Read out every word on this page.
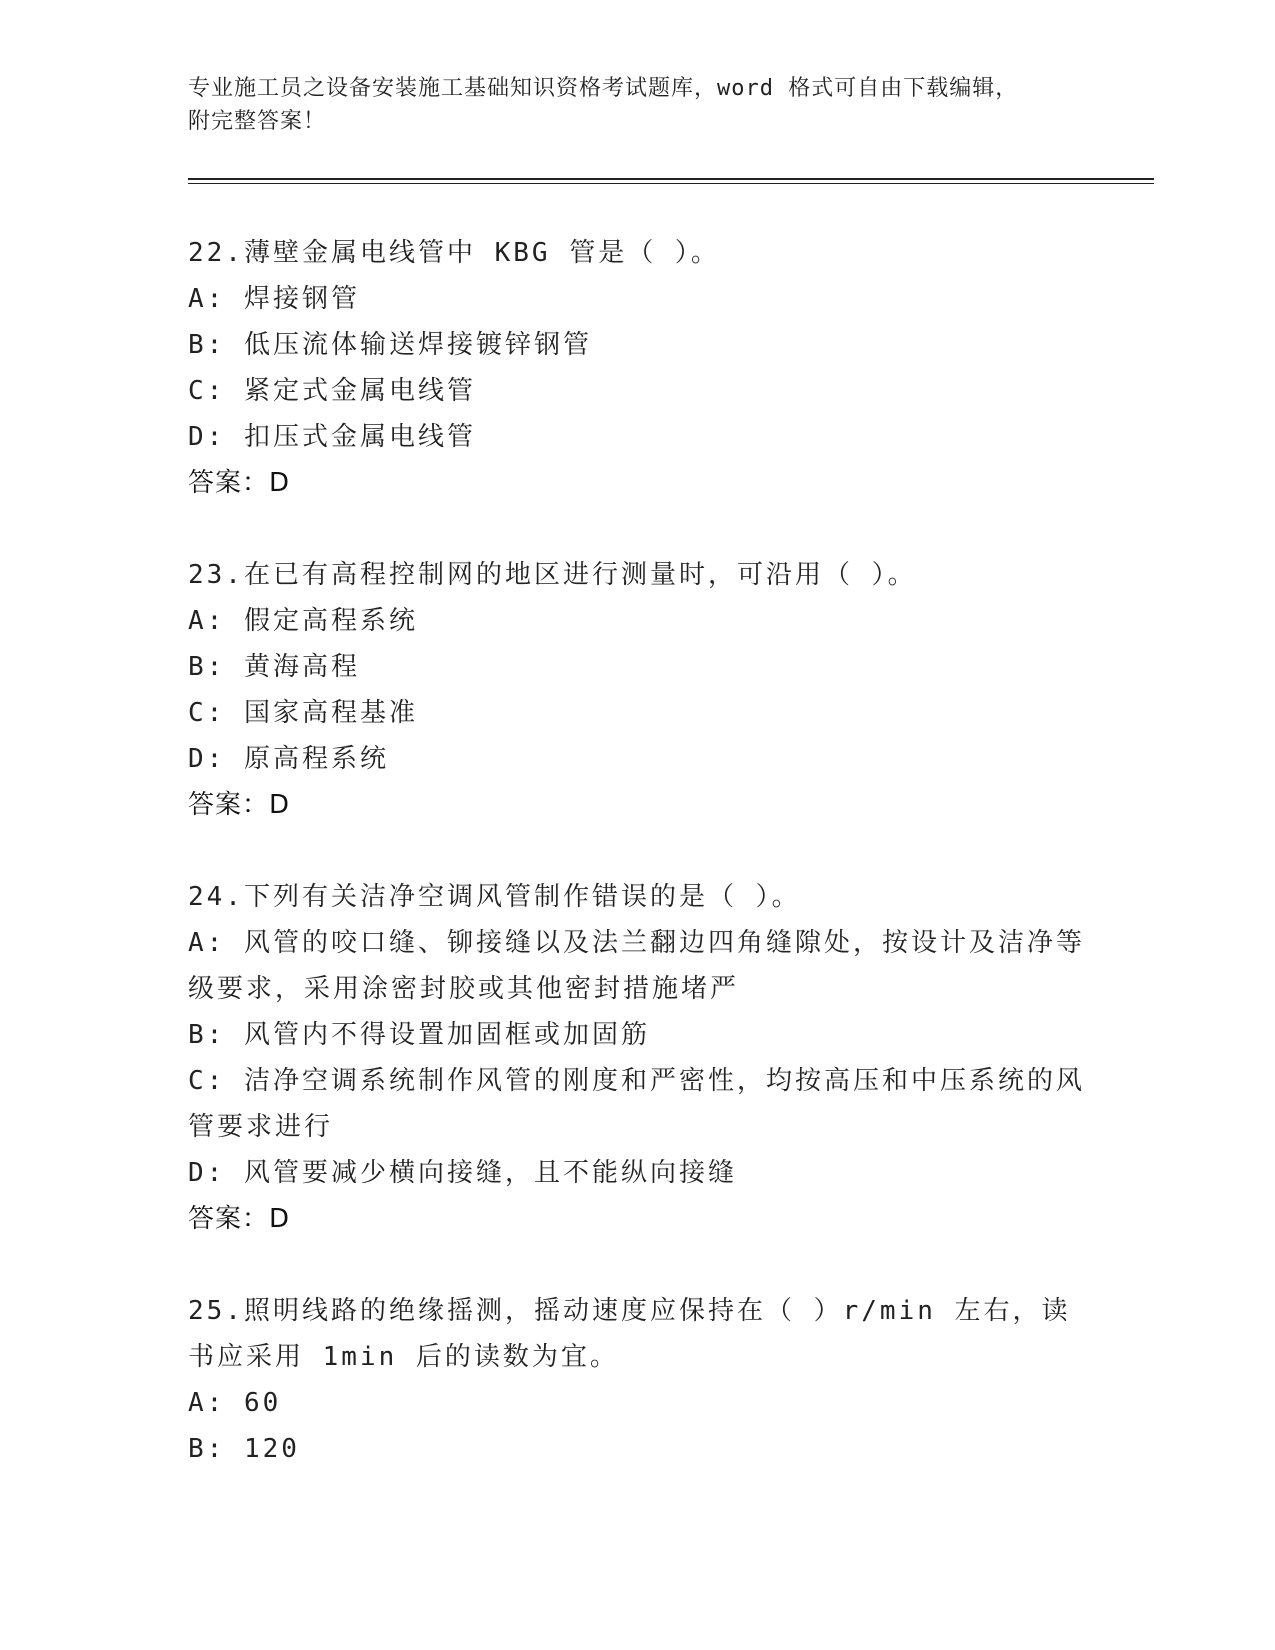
专业施工员之设备安装施工基础知识资格考试题库，word 格式可自由下载编辑，
附完整答案！
22.薄壁金属电线管中 KBG 管是（ ）。
A: 焊接钢管
B: 低压流体输送焊接镀锌钢管
C: 紧定式金属电线管
D: 扣压式金属电线管
答案：D
23.在已有高程控制网的地区进行测量时，可沿用（ ）。
A: 假定高程系统
B: 黄海高程
C: 国家高程基准
D: 原高程系统
答案：D
24.下列有关洁净空调风管制作错误的是（ ）。
A: 风管的咬口缝、铆接缝以及法兰翻边四角缝隙处，按设计及洁净等级要求，采用涂密封胶或其他密封措施堵严
B: 风管内不得设置加固框或加固筋
C: 洁净空调系统制作风管的刚度和严密性，均按高压和中压系统的风管要求进行
D: 风管要减少横向接缝，且不能纵向接缝
答案：D
25.照明线路的绝缘摇测，摇动速度应保持在（ ）r/min 左右，读书应采用 1min 后的读数为宜。
A: 60
B: 120
